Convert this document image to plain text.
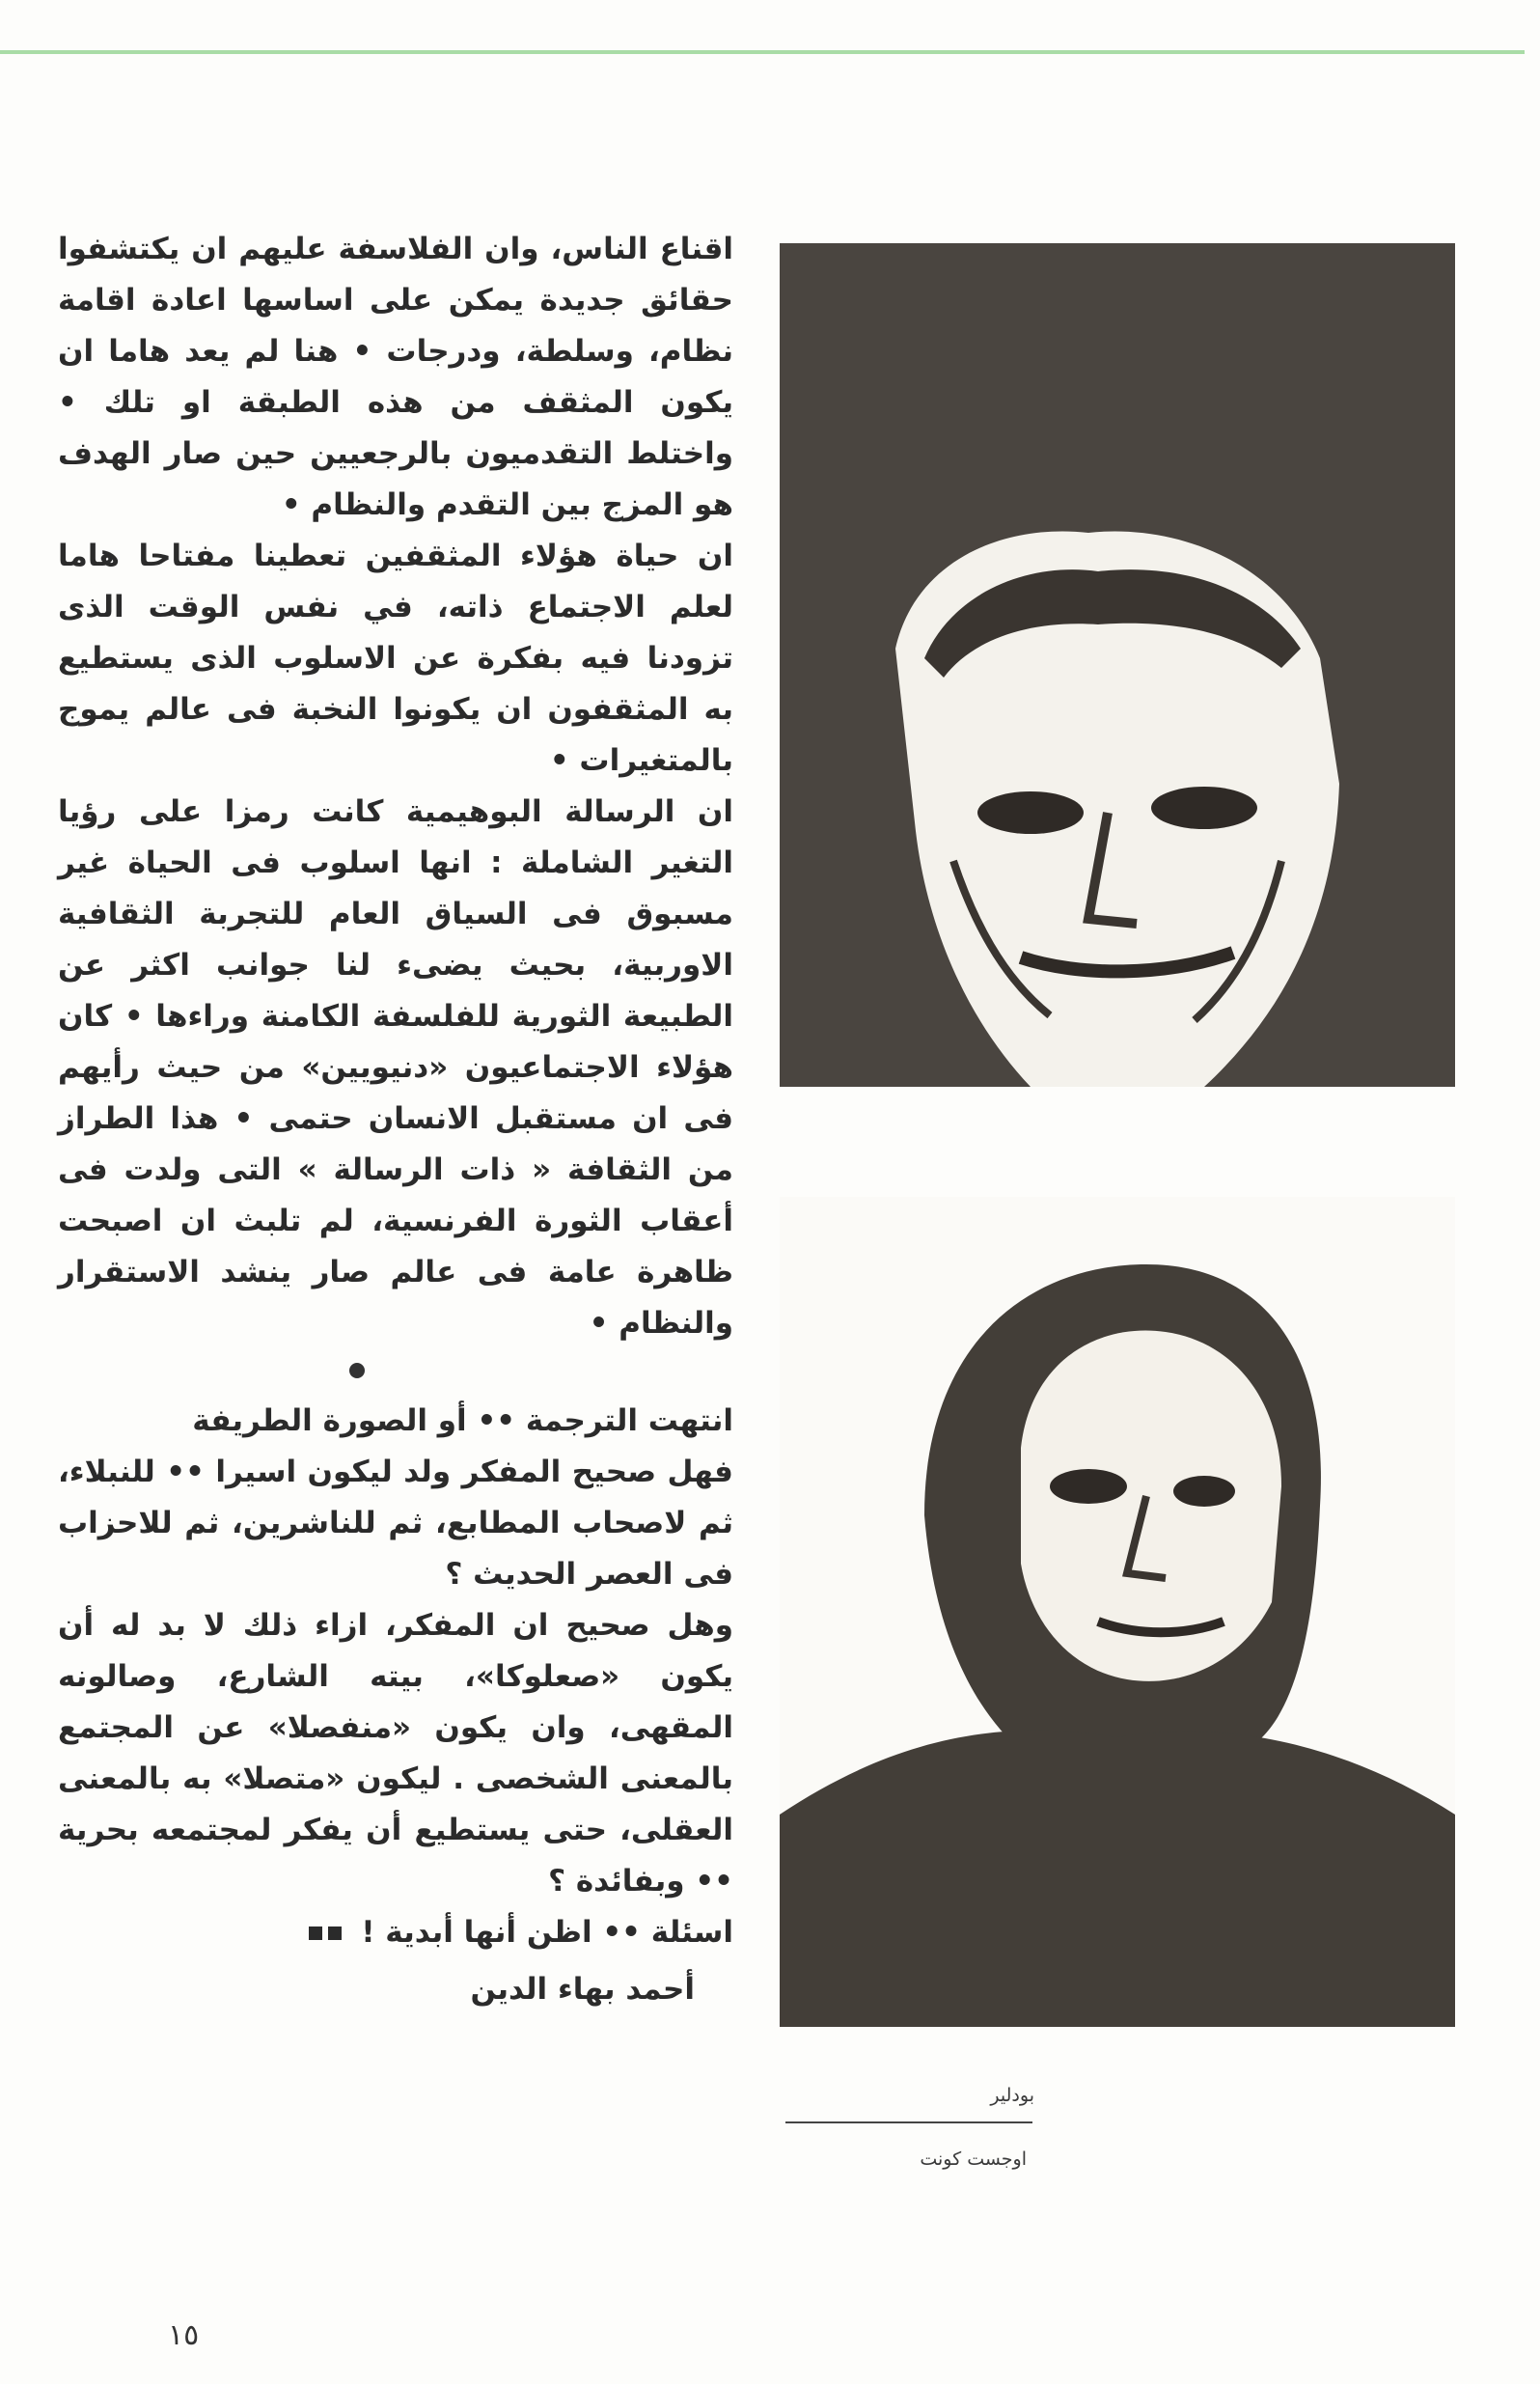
اقناع الناس، وان الفلاسفة عليهم ان يكتشفوا حقائق جديدة يمكن على اساسها اعادة اقامة نظام، وسلطة، ودرجات • هنا لم يعد هاما ان يكون المثقف من هذه الطبقة او تلك • واختلط التقدميون بالرجعيين حين صار الهدف هو المزج بين التقدم والنظام •

ان حياة هؤلاء المثقفين تعطينا مفتاحا هاما لعلم الاجتماع ذاته، في نفس الوقت الذى تزودنا فيه بفكرة عن الاسلوب الذى يستطيع به المثقفون ان يكونوا النخبة فى عالم يموج بالمتغيرات •

ان الرسالة البوهيمية كانت رمزا على رؤيا التغير الشاملة : انها اسلوب فى الحياة غير مسبوق فى السياق العام للتجربة الثقافية الاوربية، بحيث يضىء لنا جوانب اكثر عن الطبيعة الثورية للفلسفة الكامنة وراءها • كان هؤلاء الاجتماعيون «دنيويين» من حيث رأيهم فى ان مستقبل الانسان حتمى • هذا الطراز من الثقافة « ذات الرسالة » التى ولدت فى أعقاب الثورة الفرنسية، لم تلبث ان اصبحت ظاهرة عامة فى عالم صار ينشد الاستقرار والنظام •

انتهت الترجمة •• أو الصورة الطريفة

فهل صحيح المفكر ولد ليكون اسيرا •• للنبلاء، ثم لاصحاب المطابع، ثم للناشرين، ثم للاحزاب فى العصر الحديث ؟

وهل صحيح ان المفكر، ازاء ذلك لا بد له أن يكون «صعلوكا»، بيته الشارع، وصالونه المقهى، وان يكون «منفصلا» عن المجتمع بالمعنى الشخصى . ليكون «متصلا» به بالمعنى العقلى، حتى يستطيع أن يفكر لمجتمعه بحرية •• وبفائدة ؟

اسئلة •• اظن أنها أبدية !
أحمد بهاء الدين
بودلير
اوجست كونت
١٥
